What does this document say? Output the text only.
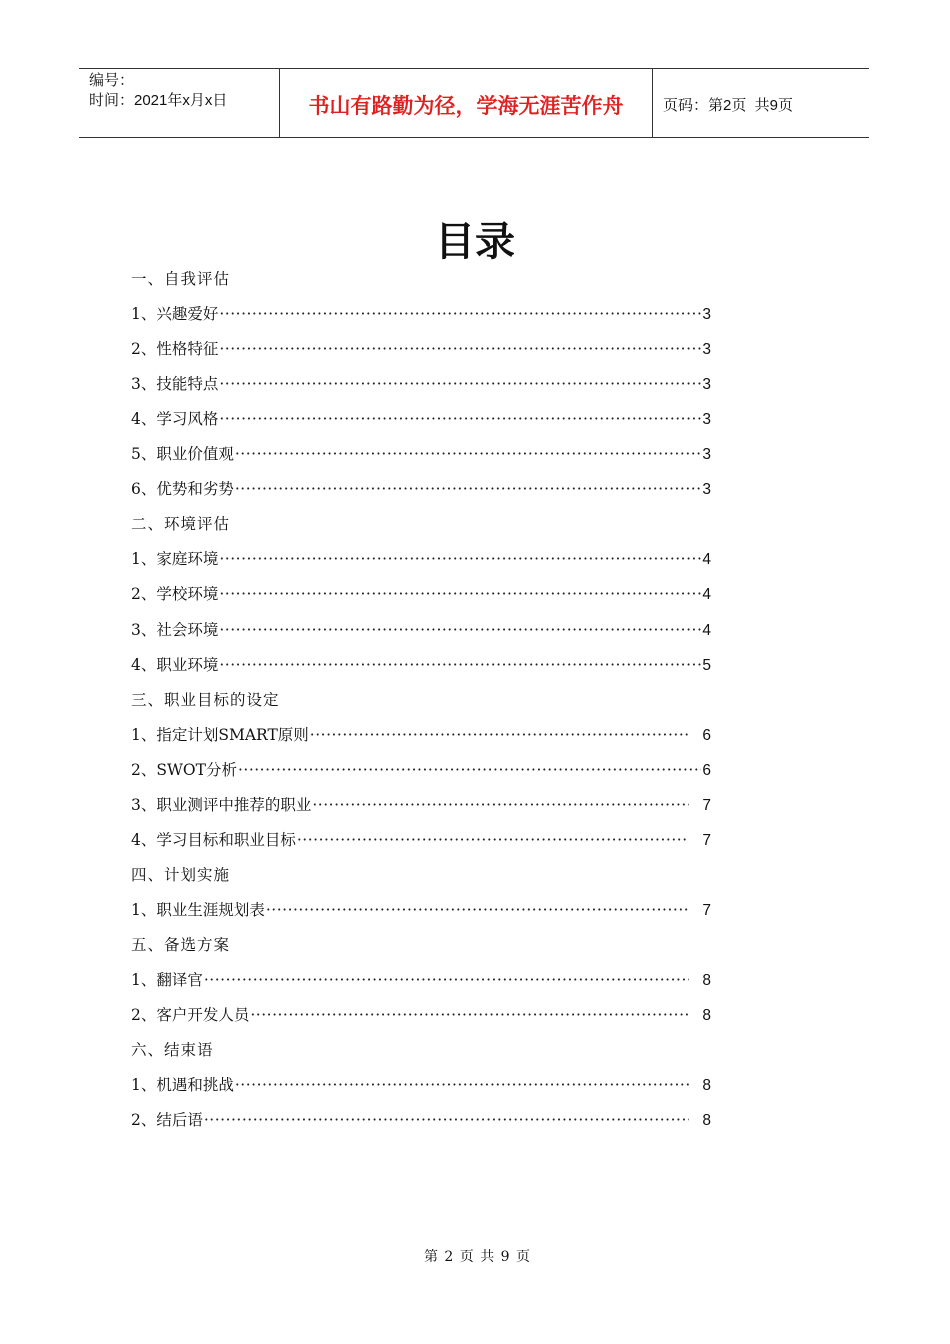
编号：
时间：2021年x月x日	书山有路勤为径，学海无涯苦作舟	页码：第2页  共9页
目录
一、自我评估
1、兴趣爱好 ·····	3
2、性格特征 ·····	3
3、技能特点 ·····	3
4、学习风格 ·····	3
5、职业价值观 ·····	3
6、优势和劣势 ·····	3
二、环境评估
1、家庭环境 ·····	4
2、学校环境 ·····	4
3、社会环境 ·····	4
4、职业环境 ·····	5
三、职业目标的设定
1、指定计划SMART原则 ·····	6
2、SWOT分析 ·····	6
3、职业测评中推荐的职业 ·····	7
4、学习目标和职业目标 ·····	7
四、计划实施
1、职业生涯规划表 ·····	7
五、备选方案
1、翻译官 ·····	8
2、客户开发人员 ·····	8
六、结束语
1、机遇和挑战 ·····	8
2、结后语 ·····	8
第 2 页 共 9 页
